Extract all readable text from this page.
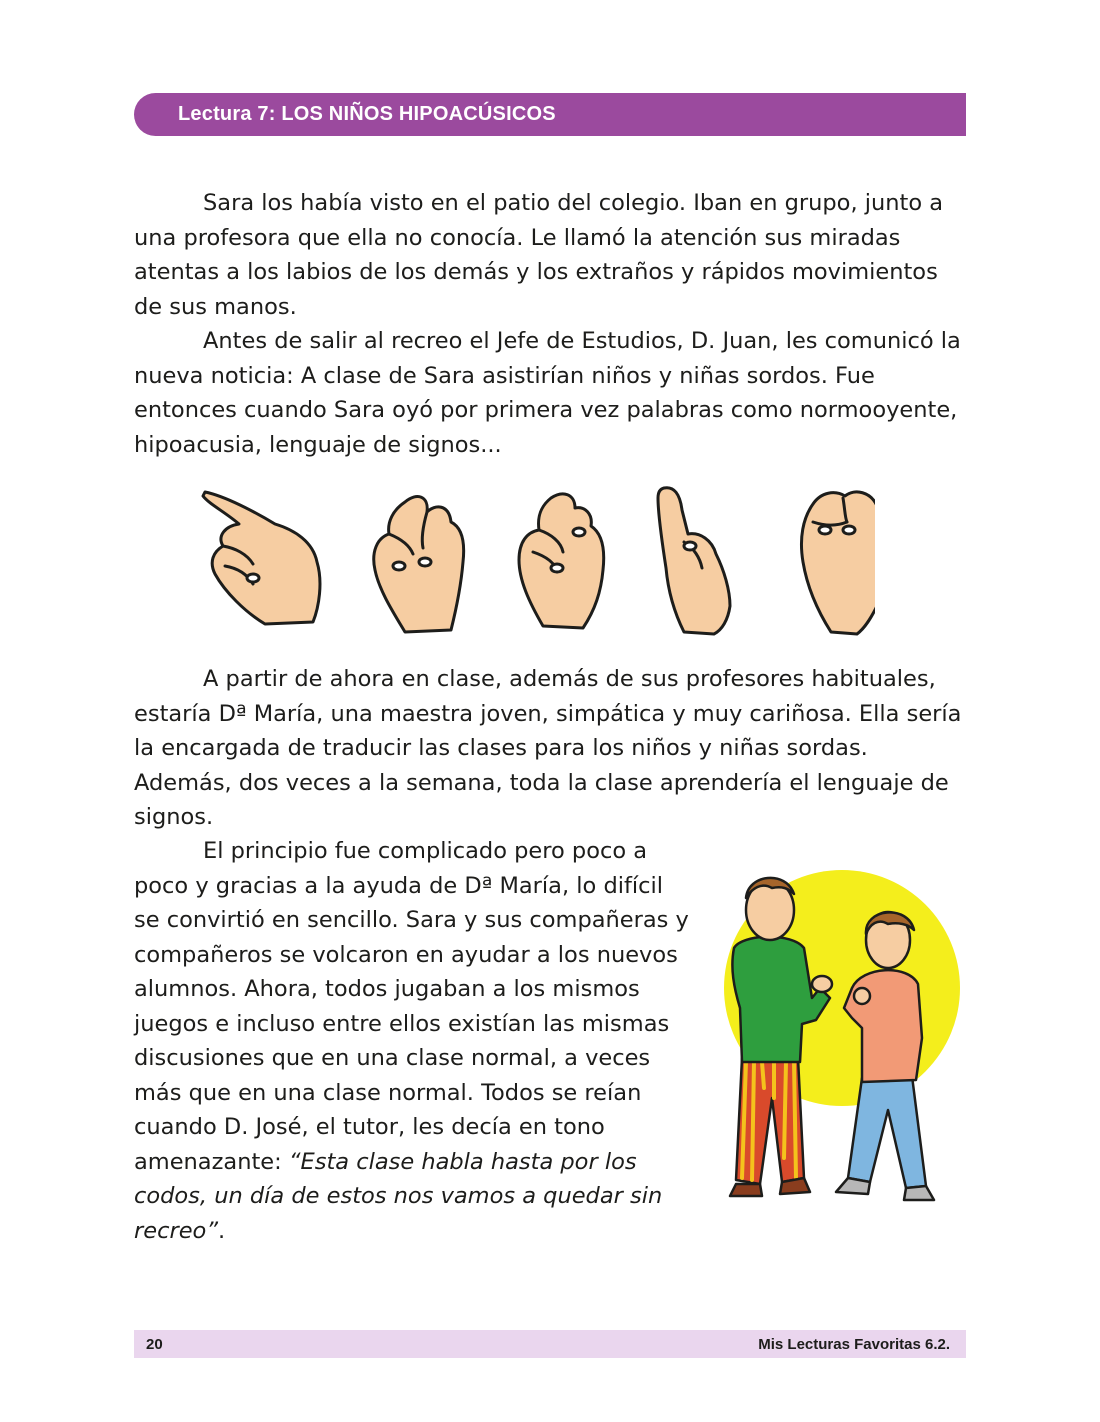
Lectura 7: LOS NIÑOS HIPOACÚSICOS

Sara los había visto en el patio del colegio. Iban en grupo, junto a una profesora que ella no conocía. Le llamó la atención sus miradas atentas a los labios de los demás y los extraños y rápidos movimientos de sus manos.

Antes de salir al recreo el Jefe de Estudios, D. Juan, les comunicó la nueva noticia: A clase de Sara asistirían niños y niñas sordos. Fue entonces cuando Sara oyó por primera vez palabras como normooyente, hipoacusia, lenguaje de signos...

A partir de ahora en clase, además de sus profesores habituales, estaría Dª María, una maestra joven, simpática y muy cariñosa. Ella sería la encargada de traducir las clases para los niños y niñas sordas. Además, dos veces a la semana, toda la clase aprendería el lenguaje de signos.

El principio fue complicado pero poco a poco y gracias a la ayuda de Dª María, lo difícil se convirtió en sencillo. Sara y sus compañeras y compañeros se volcaron en ayudar a los nuevos alumnos. Ahora, todos jugaban a los mismos juegos e incluso entre ellos existían las mismas discusiones que en una clase normal, a veces más que en una clase normal. Todos se reían cuando D. José, el tutor, les decía en tono amenazante: “Esta clase habla hasta por los codos, un día de estos nos vamos a quedar sin recreo”.

20	Mis Lecturas Favoritas 6.2.
